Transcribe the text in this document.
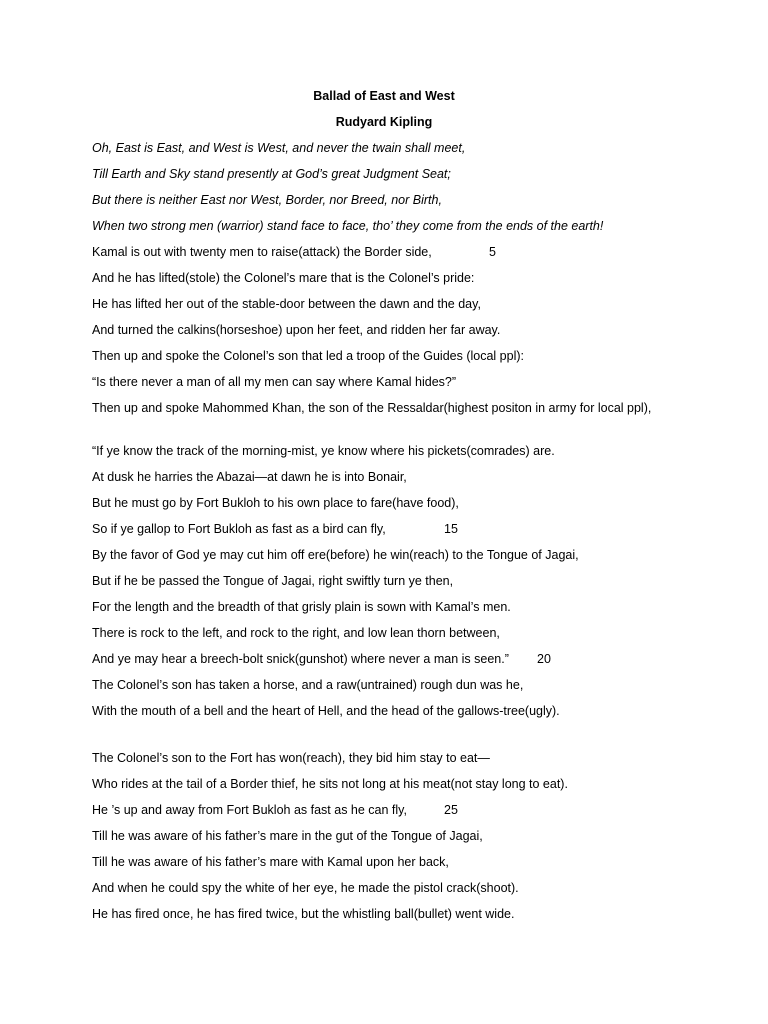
Ballad of East and West
Rudyard Kipling
Oh, East is East, and West is West, and never the twain shall meet,
Till Earth and Sky stand presently at God’s great Judgment Seat;
But there is neither East nor West, Border, nor Breed, nor Birth,
When two strong men (warrior) stand face to face, tho’ they come from the ends of the earth!
Kamal is out with twenty men to raise(attack) the Border side,	5
And he has lifted(stole) the Colonel’s mare that is the Colonel’s pride:
He has lifted her out of the stable-door between the dawn and the day,
And turned the calkins(horseshoe) upon her feet, and ridden her far away.
Then up and spoke the Colonel’s son that led a troop of the Guides (local ppl):
“Is there never a man of all my men can say where Kamal hides?”
Then up and spoke Mahommed Khan, the son of the Ressaldar(highest positon in army for local ppl),
“If ye know the track of the morning-mist, ye know where his pickets(comrades) are.
At dusk he harries the Abazai—at dawn he is into Bonair,
But he must go by Fort Bukloh to his own place to fare(have food),
So if ye gallop to Fort Bukloh as fast as a bird can fly,	15
By the favor of God ye may cut him off ere(before) he win(reach) to the Tongue of Jagai,
But if he be passed the Tongue of Jagai, right swiftly turn ye then,
For the length and the breadth of that grisly plain is sown with Kamal’s men.
There is rock to the left, and rock to the right, and low lean thorn between,
And ye may hear a breech-bolt snick(gunshot) where never a man is seen.” 20
The Colonel’s son has taken a horse, and a raw(untrained) rough dun was he,
With the mouth of a bell and the heart of Hell, and the head of the gallows-tree(ugly).
The Colonel’s son to the Fort has won(reach), they bid him stay to eat—
Who rides at the tail of a Border thief, he sits not long at his meat(not stay long to eat).
He ’s up and away from Fort Bukloh as fast as he can fly,	25
Till he was aware of his father’s mare in the gut of the Tongue of Jagai,
Till he was aware of his father’s mare with Kamal upon her back,
And when he could spy the white of her eye, he made the pistol crack(shoot).
He has fired once, he has fired twice, but the whistling ball(bullet) went wide.
